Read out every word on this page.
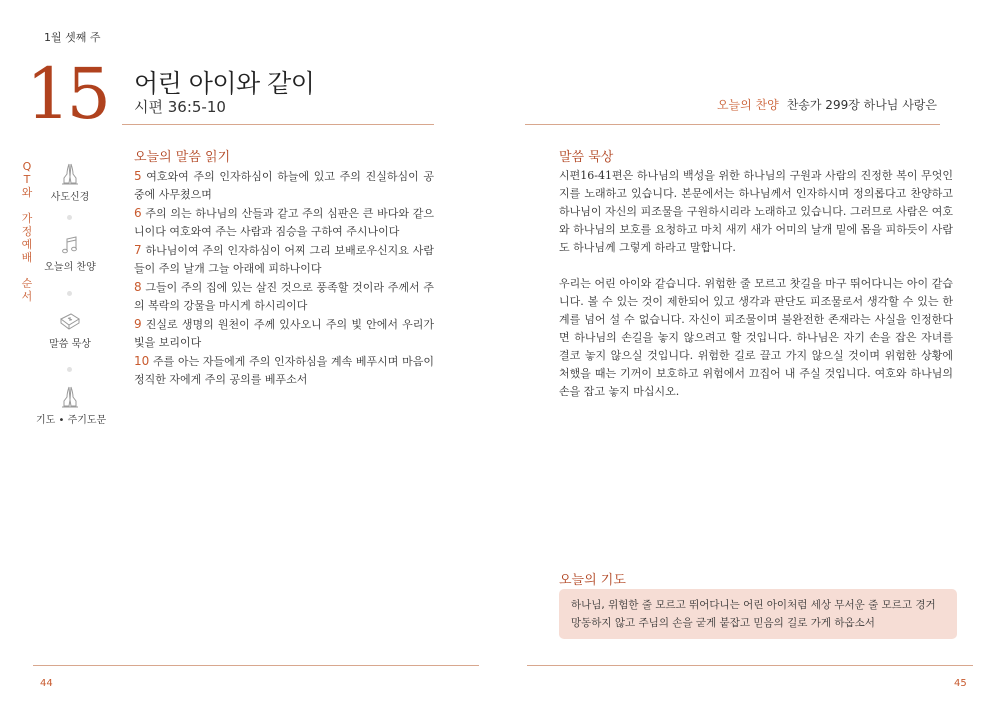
1월 셋째 주
15 어린 아이와 같이
시편 36:5-10	오늘의 찬양 찬송가 299장 하나님 사랑은
Q
T
와
가
정
예
배
순
서
사도신경
오늘의 찬양
말씀 묵상
기도 • 주기도문
오늘의 말씀 읽기

5 여호와여 주의 인자하심이 하늘에 있고 주의 진실하심이 공중에 사무쳤으며

6 주의 의는 하나님의 산들과 같고 주의 심판은 큰 바다와 같으니이다 여호와여 주는 사람과 짐승을 구하여 주시나이다

7 하나님이여 주의 인자하심이 어찌 그리 보배로우신지요 사람들이 주의 날개 그늘 아래에 피하나이다

8 그들이 주의 집에 있는 살진 것으로 풍족할 것이라 주께서 주의 복락의 강물을 마시게 하시리이다

9 진실로 생명의 원천이 주께 있사오니 주의 빛 안에서 우리가 빛을 보리이다

10 주를 아는 자들에게 주의 인자하심을 계속 베푸시며 마음이 정직한 자에게 주의 공의를 베푸소서

말씀 묵상

시편16-41편은 하나님의 백성을 위한 하나님의 구원과 사람의 진정한 복이 무엇인지를 노래하고 있습니다. 본문에서는 하나님께서 인자하시며 정의롭다고 찬양하고 하나님이 자신의 피조물을 구원하시리라 노래하고 있습니다. 그러므로 사람은 여호와 하나님의 보호를 요청하고 마치 새끼 새가 어미의 날개 밑에 몸을 피하듯이 사람도 하나님께 그렇게 하라고 말합니다.

우리는 어린 아이와 같습니다. 위험한 줄 모르고 찻길을 마구 뛰어다니는 아이 같습니다. 볼 수 있는 것이 제한되어 있고 생각과 판단도 피조물로서 생각할 수 있는 한계를 넘어 설 수 없습니다. 자신이 피조물이며 불완전한 존재라는 사실을 인정한다면 하나님의 손길을 놓지 않으려고 할 것입니다. 하나님은 자기 손을 잡은 자녀를 결코 놓지 않으실 것입니다. 위험한 길로 끌고 가지 않으실 것이며 위험한 상황에 처했을 때는 기꺼이 보호하고 위험에서 끄집어 내 주실 것입니다. 여호와 하나님의 손을 잡고 놓지 마십시오.

오늘의 기도
하나님, 위험한 줄 모르고 뛰어다니는 어린 아이처럼 세상 무서운 줄 모르고 경거망동하지 않고 주님의 손을 굳게 붙잡고 믿음의 길로 가게 하옵소서
44	45
